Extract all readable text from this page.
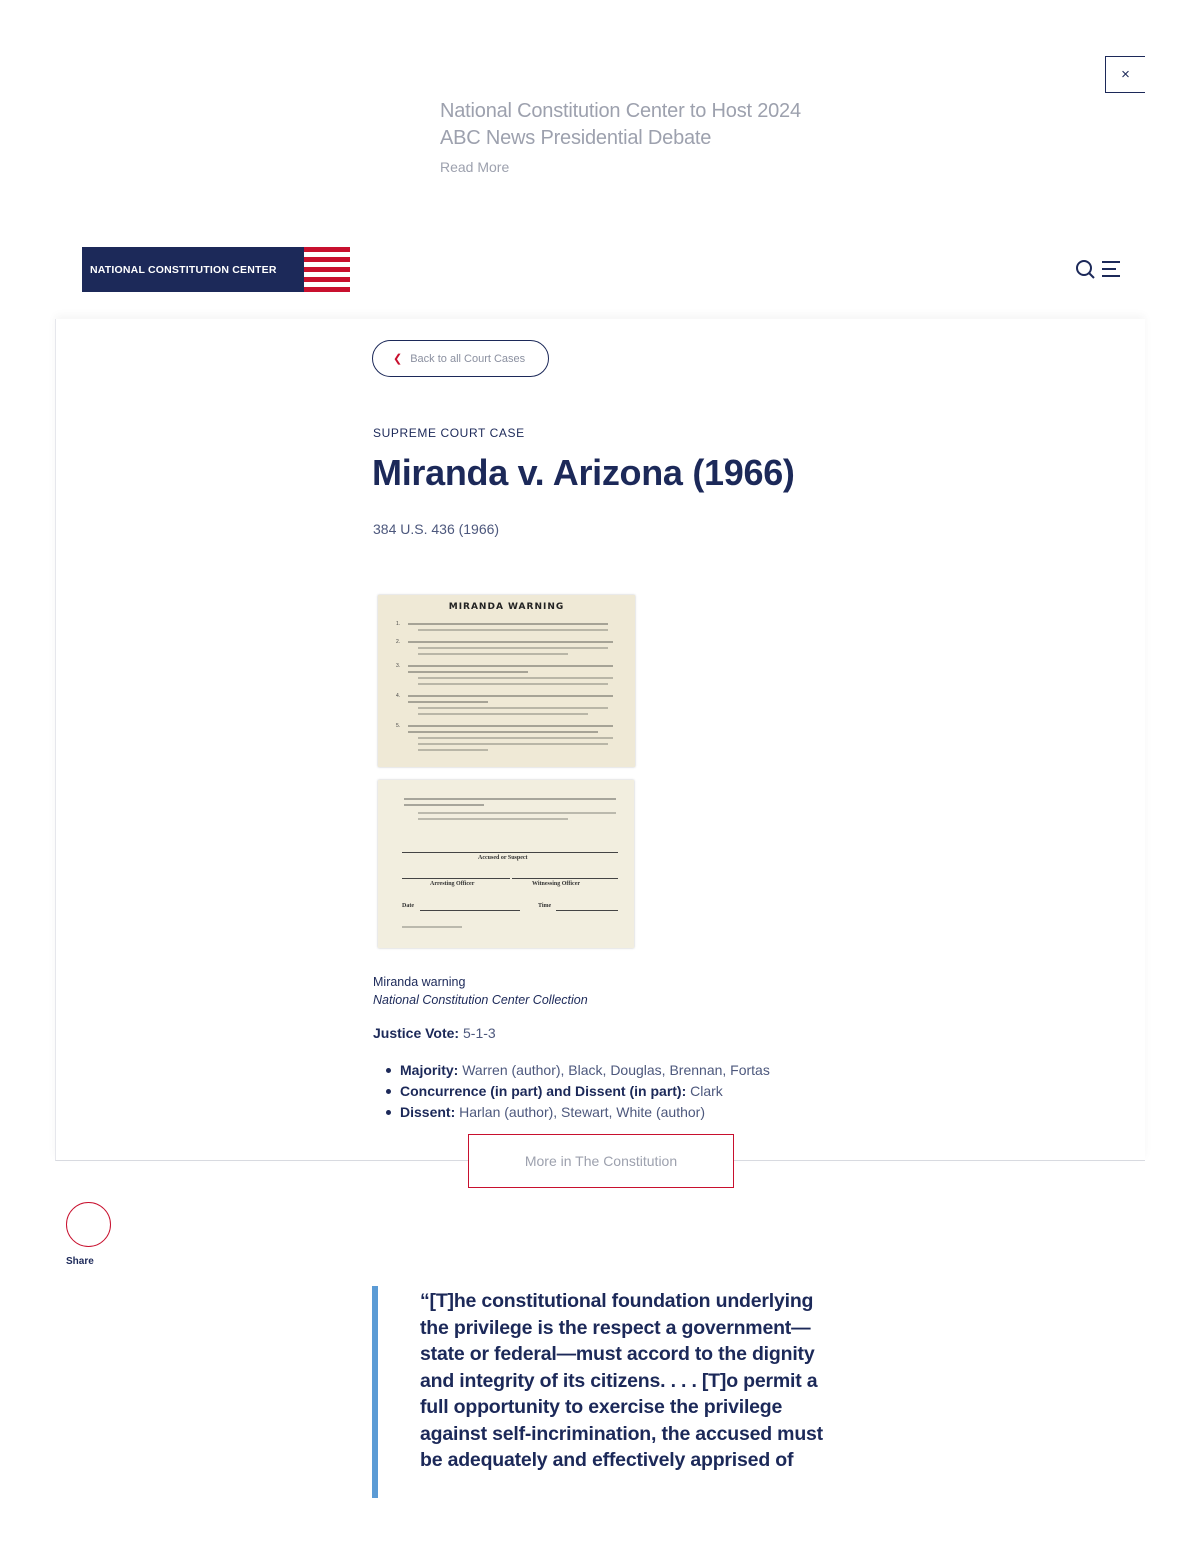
×
National Constitution Center to Host 2024 ABC News Presidential Debate
Read More
NATIONAL CONSTITUTION CENTER
❮ Back to all Court Cases
SUPREME COURT CASE
Miranda v. Arizona (1966)
384 U.S. 436 (1966)
MIRANDA WARNING
1.
2.
3.
4.
5.
Accused or Suspect
Arresting Officer	Witnessing Officer
Date	Time
Miranda warning
National Constitution Center Collection
Justice Vote: 5-1-3
Majority: Warren (author), Black, Douglas, Brennan, Fortas
Concurrence (in part) and Dissent (in part): Clark
Dissent: Harlan (author), Stewart, White (author)
More in The Constitution
Share
“[T]he constitutional foundation underlying the privilege is the respect a government—state or federal—must accord to the dignity and integrity of its citizens. . . . [T]o permit a full opportunity to exercise the privilege against self-incrimination, the accused must be adequately and effectively apprised of
